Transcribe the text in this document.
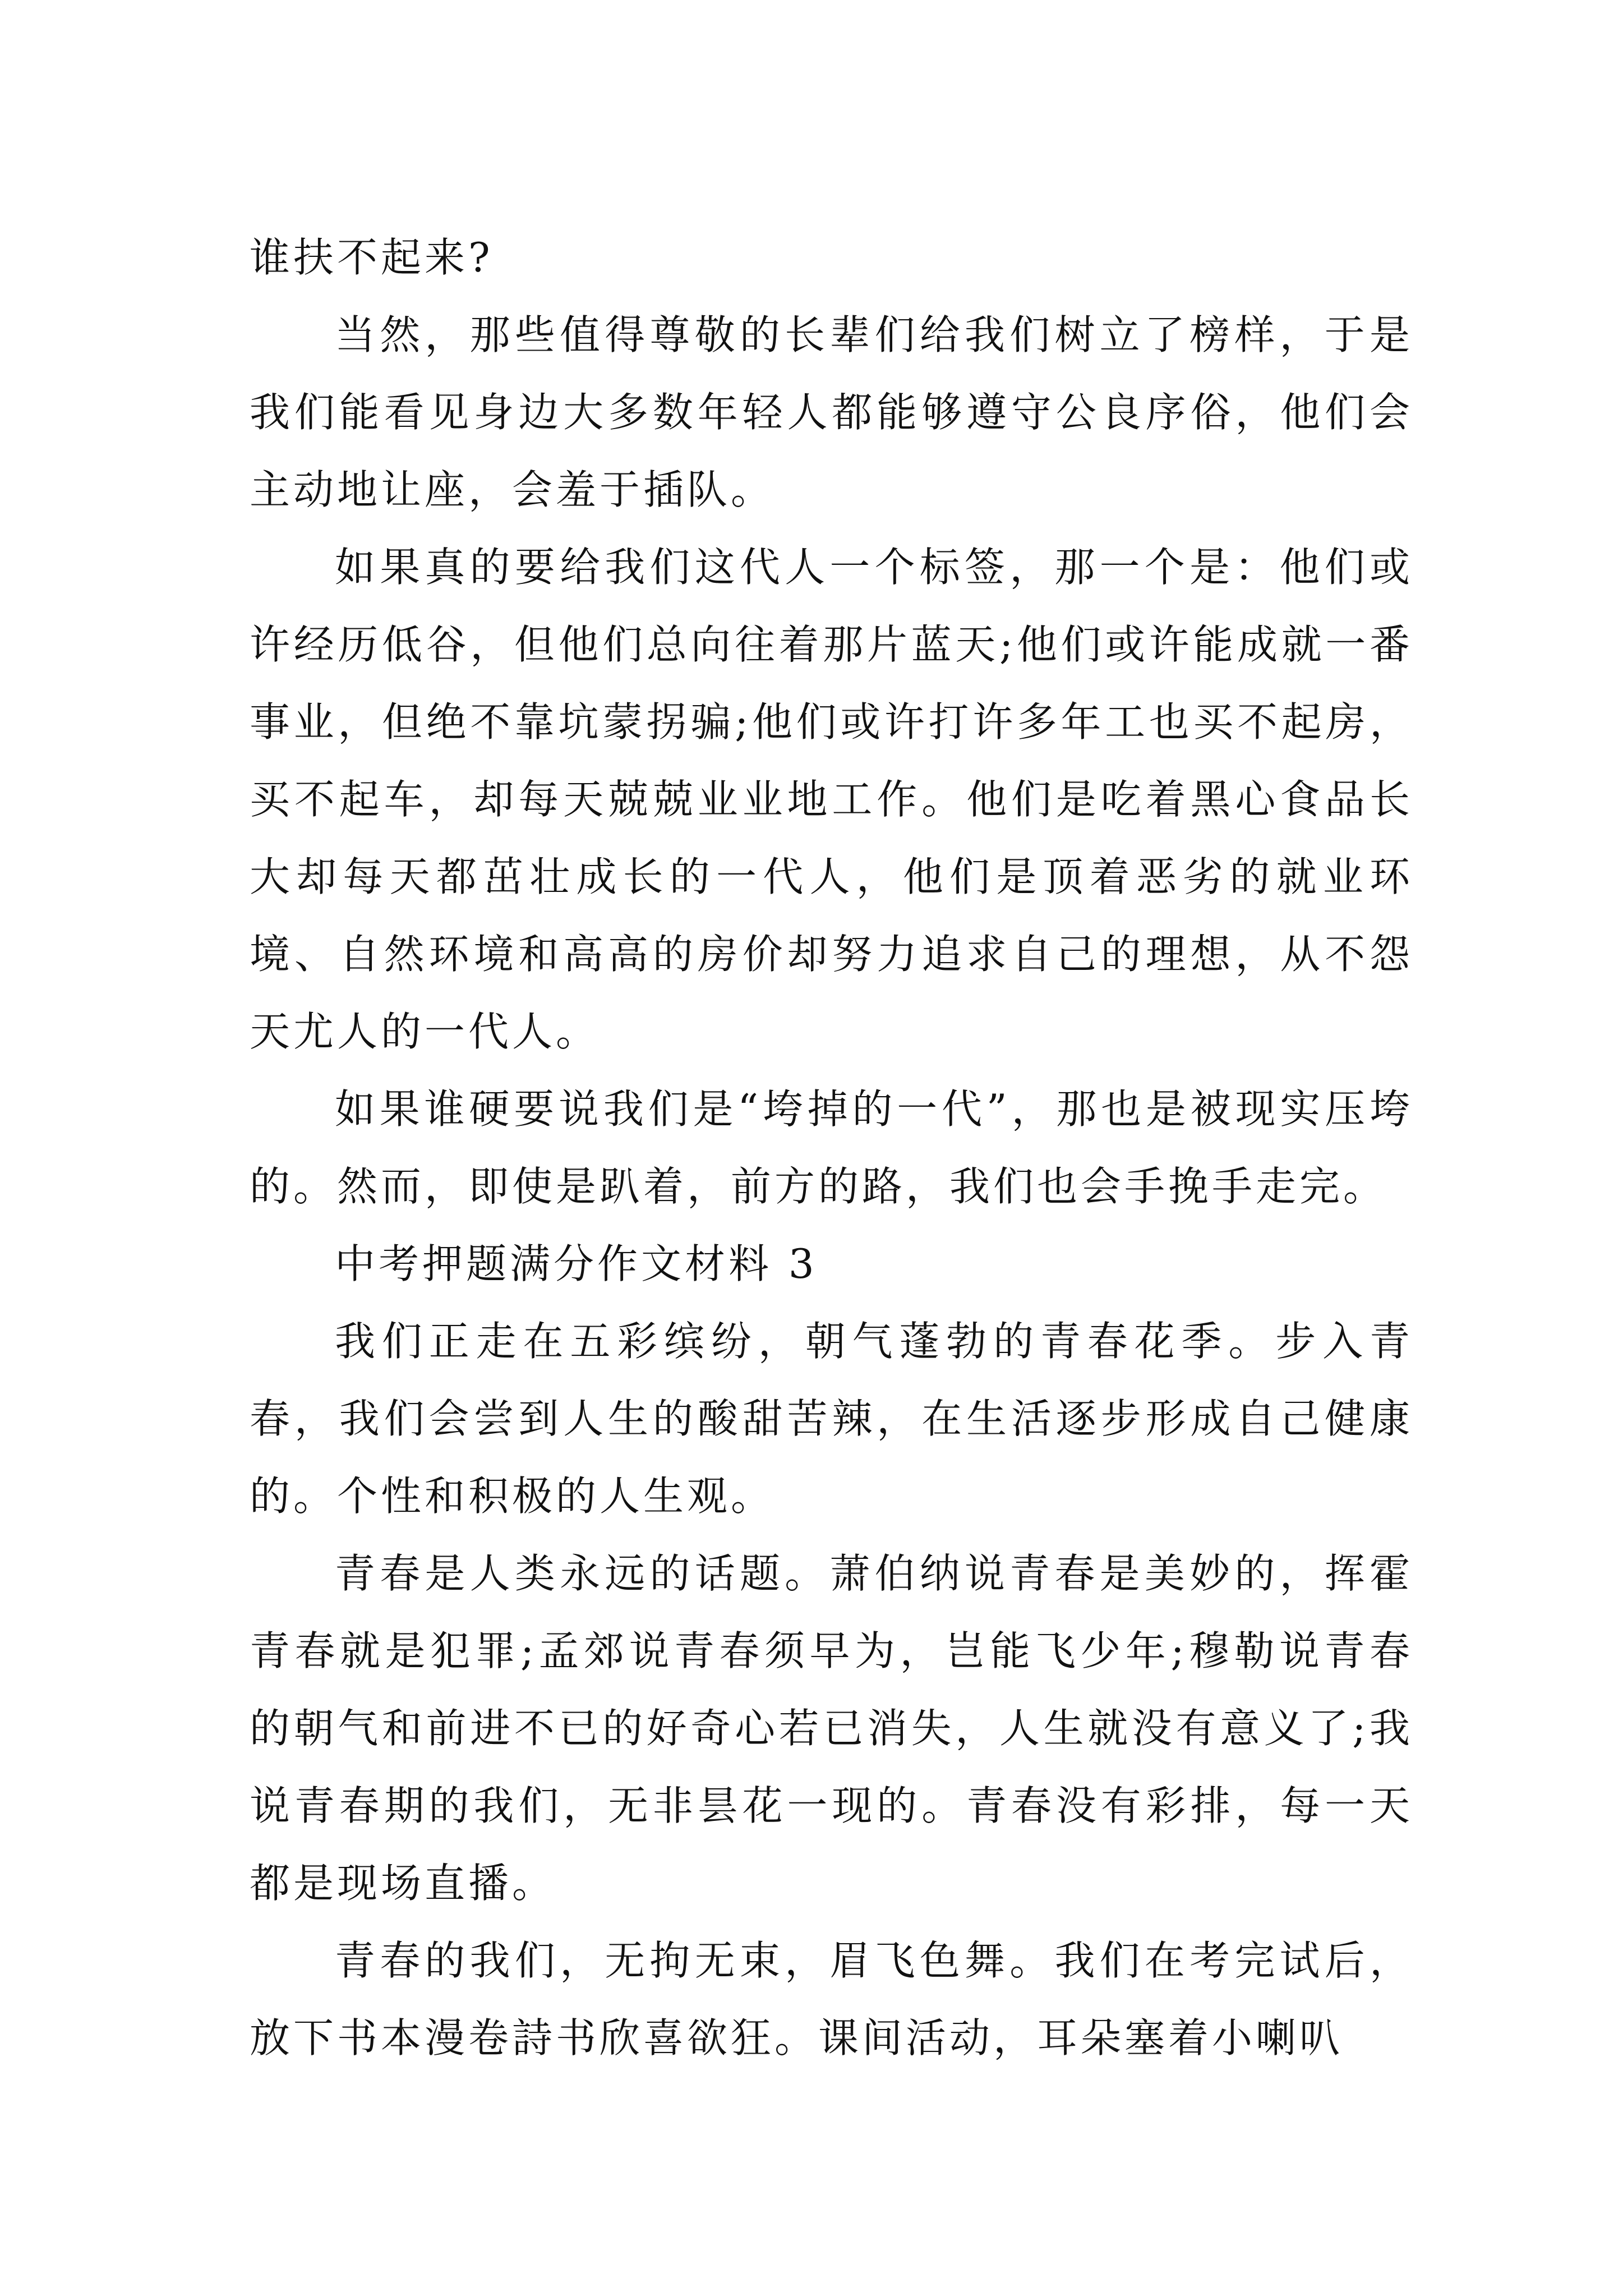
谁扶不起来?

当然，那些值得尊敬的长辈们给我们树立了榜样，于是我们能看见身边大多数年轻人都能够遵守公良序俗，他们会主动地让座，会羞于插队。

如果真的要给我们这代人一个标签，那一个是：他们或许经历低谷，但他们总向往着那片蓝天;他们或许能成就一番事业，但绝不靠坑蒙拐骗;他们或许打许多年工也买不起房，买不起车，却每天兢兢业业地工作。他们是吃着黑心食品长大却每天都茁壮成长的一代人，他们是顶着恶劣的就业环境、自然环境和高高的房价却努力追求自己的理想，从不怨天尤人的一代人。

如果谁硬要说我们是“垮掉的一代”，那也是被现实压垮的。然而，即使是趴着，前方的路，我们也会手挽手走完。

中考押题满分作文材料 3

我们正走在五彩缤纷，朝气蓬勃的青春花季。步入青春，我们会尝到人生的酸甜苦辣，在生活逐步形成自己健康的。个性和积极的人生观。

青春是人类永远的话题。萧伯纳说青春是美妙的，挥霍青春就是犯罪;孟郊说青春须早为，岂能飞少年;穆勒说青春的朝气和前进不已的好奇心若已消失，人生就没有意义了;我说青春期的我们，无非昙花一现的。青春没有彩排，每一天都是现场直播。

青春的我们，无拘无束，眉飞色舞。我们在考完试后，放下书本漫卷詩书欣喜欲狂。课间活动，耳朵塞着小喇叭
